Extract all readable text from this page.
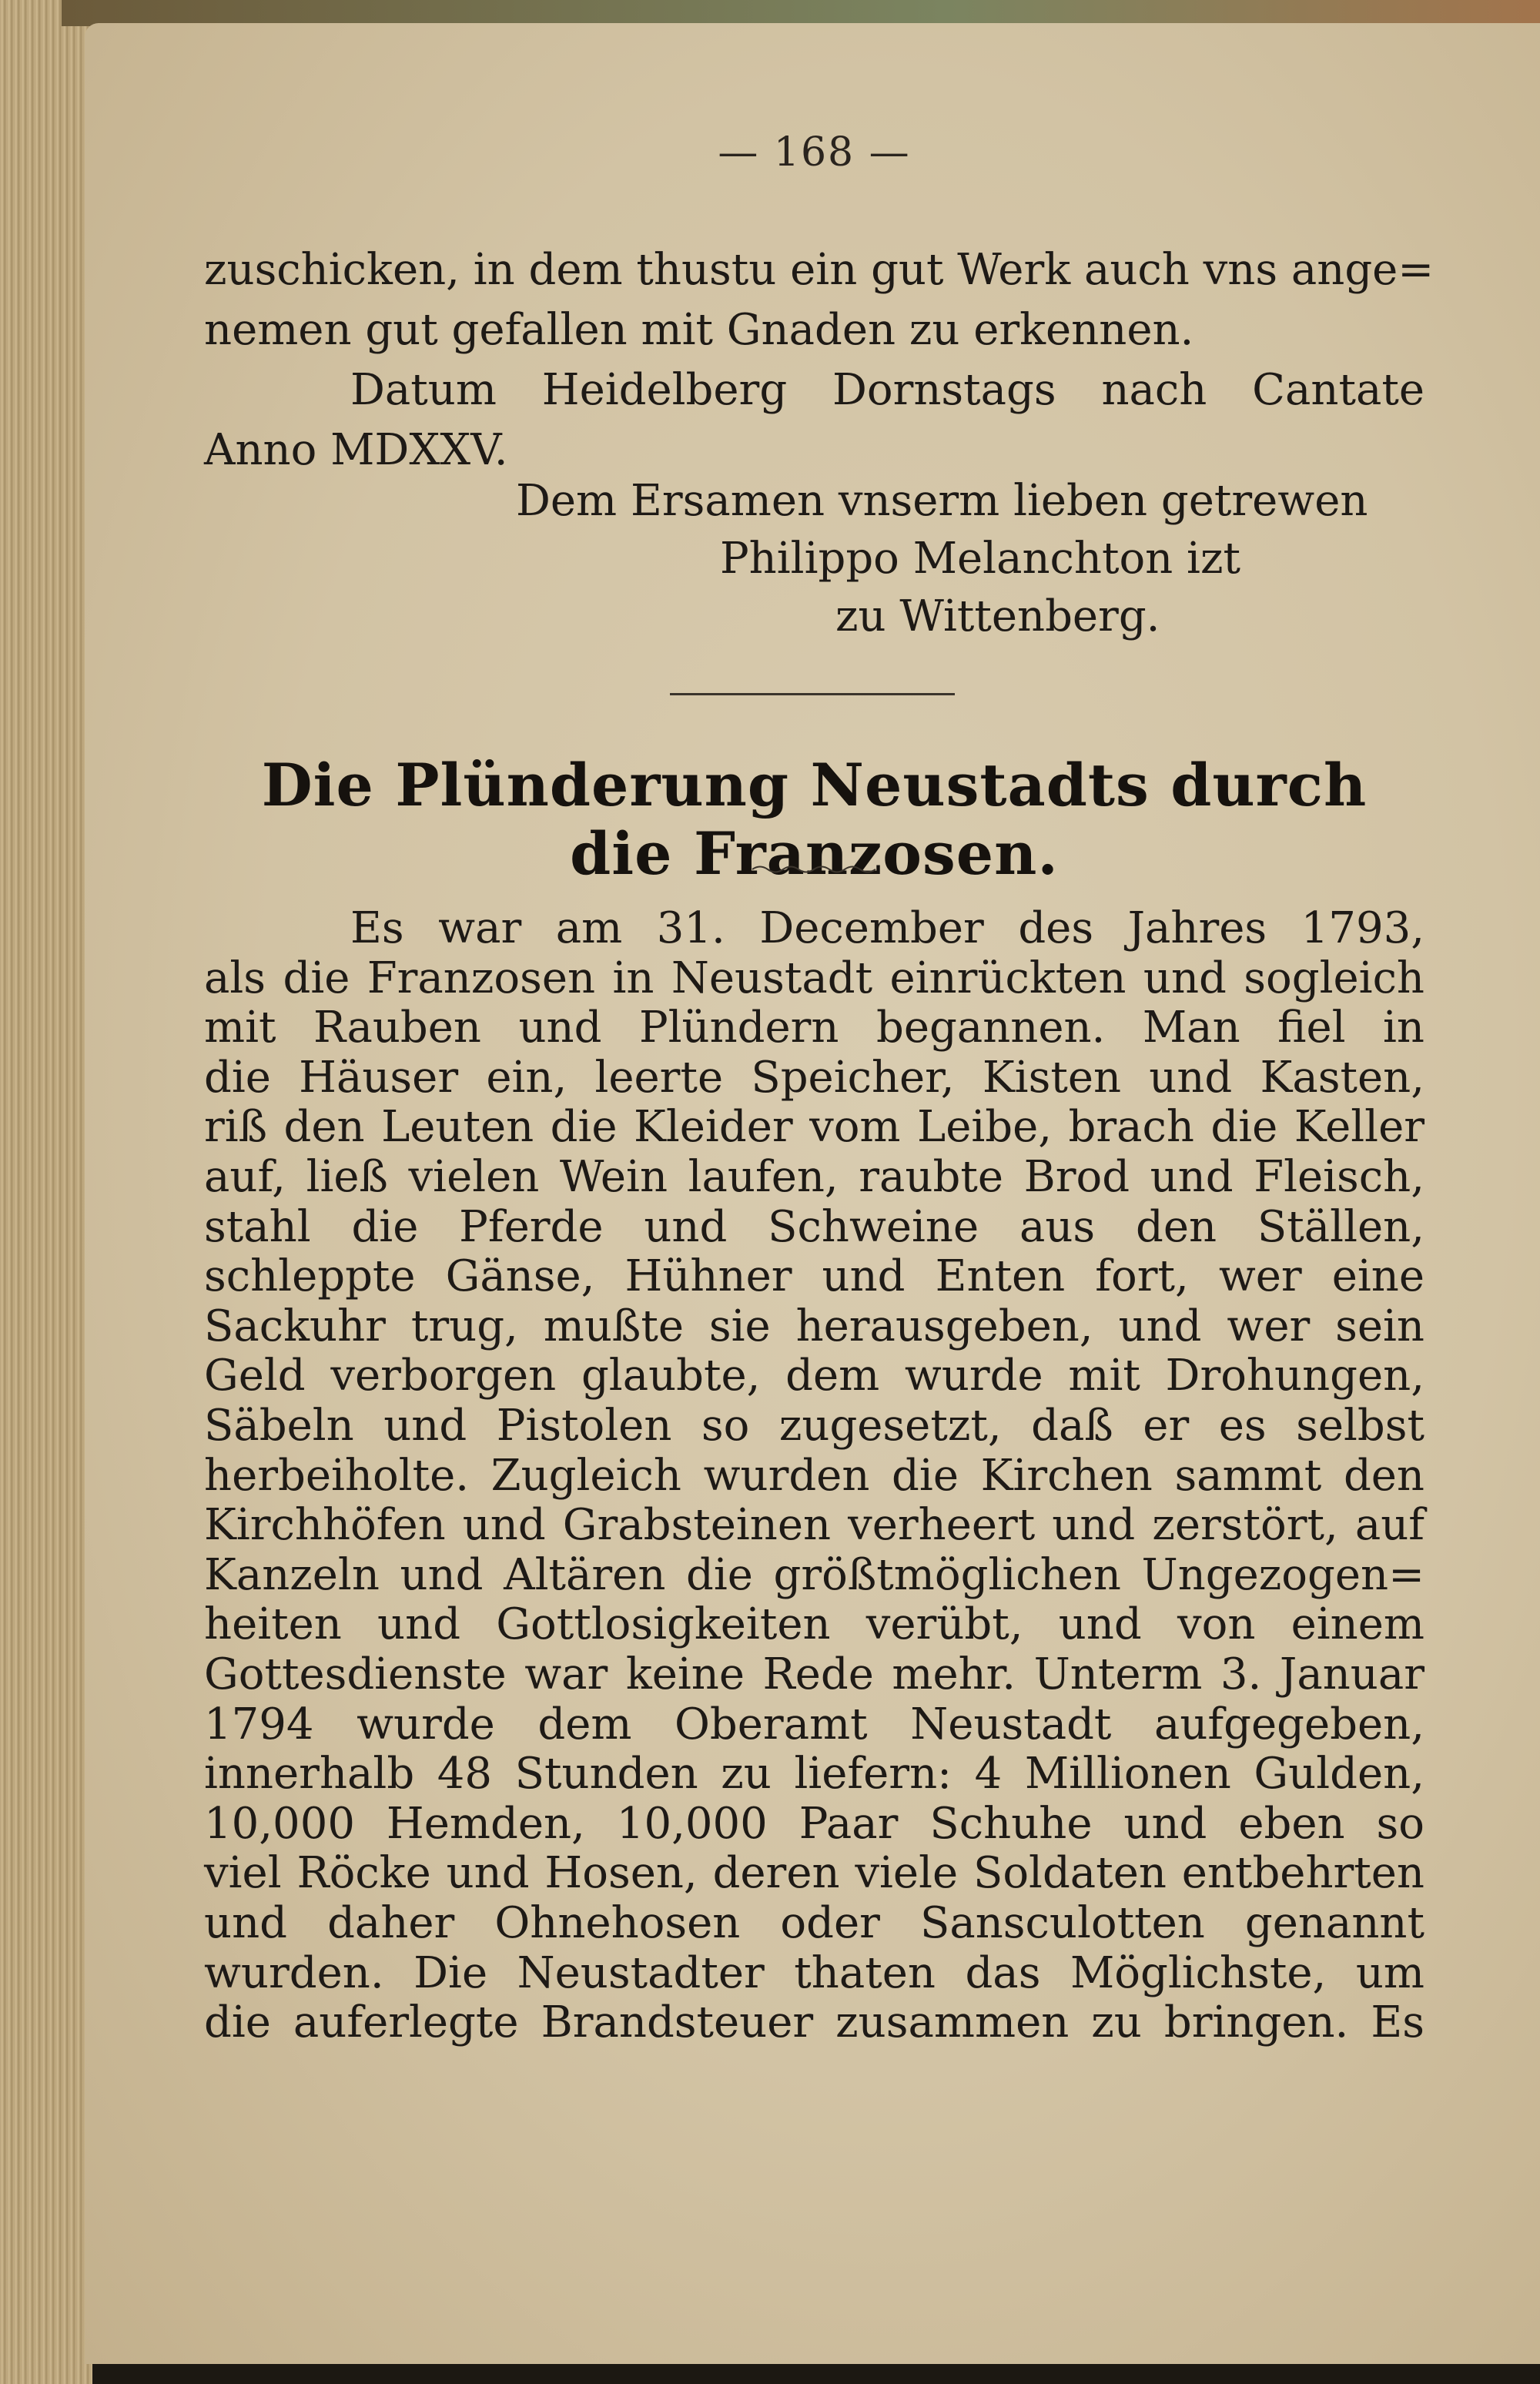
— 168 —
zuschicken, in dem thustu ein gut Werk auch vns ange=
nemen gut gefallen mit Gnaden zu erkennen.
Datum Heidelberg Dornstags nach Cantate
Anno MDXXV.
Dem Ersamen vnserm lieben getrewen
Philippo Melanchton izt
zu Wittenberg.
Die Plünderung Neustadts durch die Franzosen.
Es war am 31. December des Jahres 1793,
als die Franzosen in Neustadt einrückten und sogleich
mit Rauben und Plündern begannen. Man fiel in
die Häuser ein, leerte Speicher, Kisten und Kasten,
riß den Leuten die Kleider vom Leibe, brach die Keller
auf, ließ vielen Wein laufen, raubte Brod und Fleisch,
stahl die Pferde und Schweine aus den Ställen,
schleppte Gänse, Hühner und Enten fort, wer eine
Sackuhr trug, mußte sie herausgeben, und wer sein
Geld verborgen glaubte, dem wurde mit Drohungen,
Säbeln und Pistolen so zugesetzt, daß er es selbst
herbeiholte. Zugleich wurden die Kirchen sammt den
Kirchhöfen und Grabsteinen verheert und zerstört, auf
Kanzeln und Altären die größtmöglichen Ungezogen=
heiten und Gottlosigkeiten verübt, und von einem
Gottesdienste war keine Rede mehr. Unterm 3. Januar
1794 wurde dem Oberamt Neustadt aufgegeben,
innerhalb 48 Stunden zu liefern: 4 Millionen Gulden,
10,000 Hemden, 10,000 Paar Schuhe und eben so
viel Röcke und Hosen, deren viele Soldaten entbehrten
und daher Ohnehosen oder Sansculotten genannt
wurden. Die Neustadter thaten das Möglichste, um
die auferlegte Brandsteuer zusammen zu bringen. Es
